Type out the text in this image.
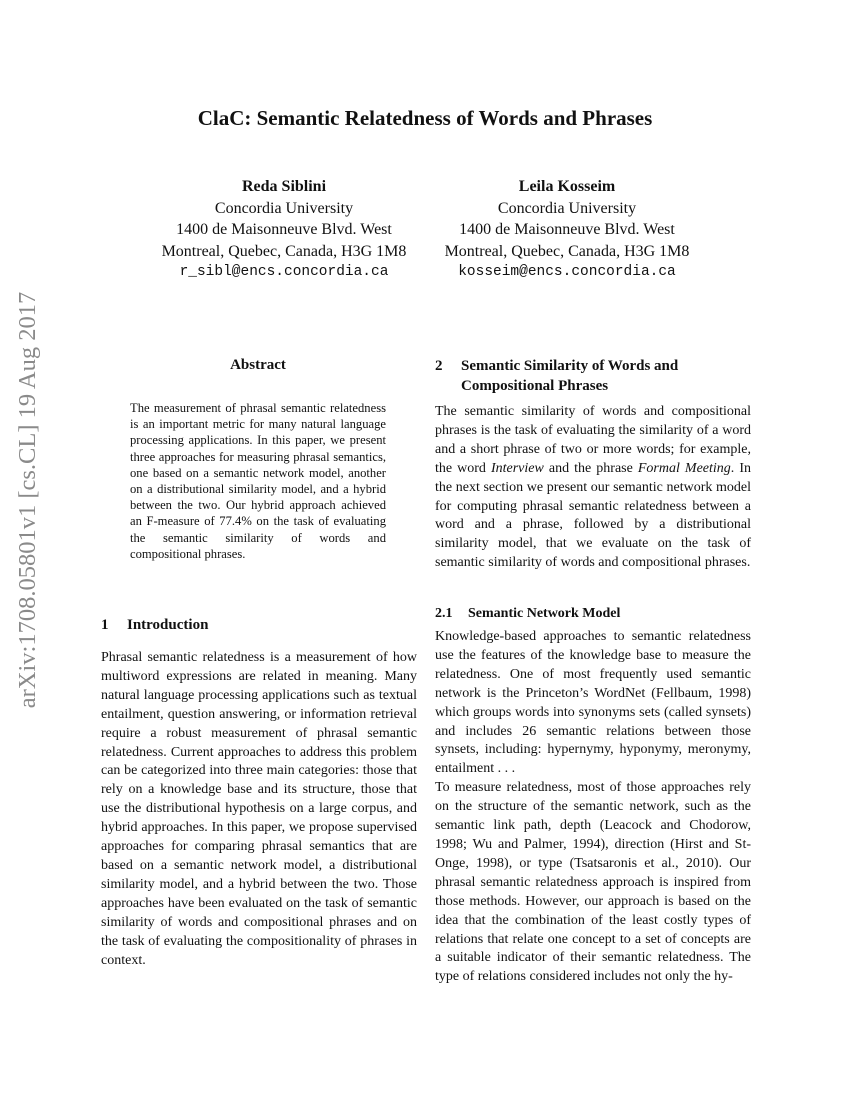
arXiv:1708.05801v1 [cs.CL] 19 Aug 2017
ClaC: Semantic Relatedness of Words and Phrases
Reda Siblini
Concordia University
1400 de Maisonneuve Blvd. West
Montreal, Quebec, Canada, H3G 1M8
r_sibl@encs.concordia.ca
Leila Kosseim
Concordia University
1400 de Maisonneuve Blvd. West
Montreal, Quebec, Canada, H3G 1M8
kosseim@encs.concordia.ca
Abstract
The measurement of phrasal semantic relatedness is an important metric for many natural language processing applications. In this paper, we present three approaches for measuring phrasal semantics, one based on a semantic network model, another on a distributional similarity model, and a hybrid between the two. Our hybrid approach achieved an F-measure of 77.4% on the task of evaluating the semantic similarity of words and compositional phrases.
1 Introduction

Phrasal semantic relatedness is a measurement of how multiword expressions are related in meaning. Many natural language processing applications such as textual entailment, question answering, or information retrieval require a robust measurement of phrasal semantic relatedness. Current approaches to address this problem can be categorized into three main categories: those that rely on a knowledge base and its structure, those that use the distributional hypothesis on a large corpus, and hybrid approaches. In this paper, we propose supervised approaches for comparing phrasal semantics that are based on a semantic network model, a distributional similarity model, and a hybrid between the two. Those approaches have been evaluated on the task of semantic similarity of words and compositional phrases and on the task of evaluating the compositionality of phrases in context.

2 Semantic Similarity of Words and
Compositional Phrases

The semantic similarity of words and compositional phrases is the task of evaluating the similarity of a word and a short phrase of two or more words; for example, the word Interview and the phrase Formal Meeting. In the next section we present our semantic network model for computing phrasal semantic relatedness between a word and a phrase, followed by a distributional similarity model, that we evaluate on the task of semantic similarity of words and compositional phrases.

2.1 Semantic Network Model

Knowledge-based approaches to semantic relatedness use the features of the knowledge base to measure the relatedness. One of most frequently used semantic network is the Princeton’s WordNet (Fellbaum, 1998) which groups words into synonyms sets (called synsets) and includes 26 semantic relations between those synsets, including: hypernymy, hyponymy, meronymy, entailment . . .

To measure relatedness, most of those approaches rely on the structure of the semantic network, such as the semantic link path, depth (Leacock and Chodorow, 1998; Wu and Palmer, 1994), direction (Hirst and St-Onge, 1998), or type (Tsatsaronis et al., 2010). Our phrasal semantic relatedness approach is inspired from those methods. However, our approach is based on the idea that the combination of the least costly types of relations that relate one concept to a set of concepts are a suitable indicator of their semantic relatedness. The type of relations considered includes not only the hy-
